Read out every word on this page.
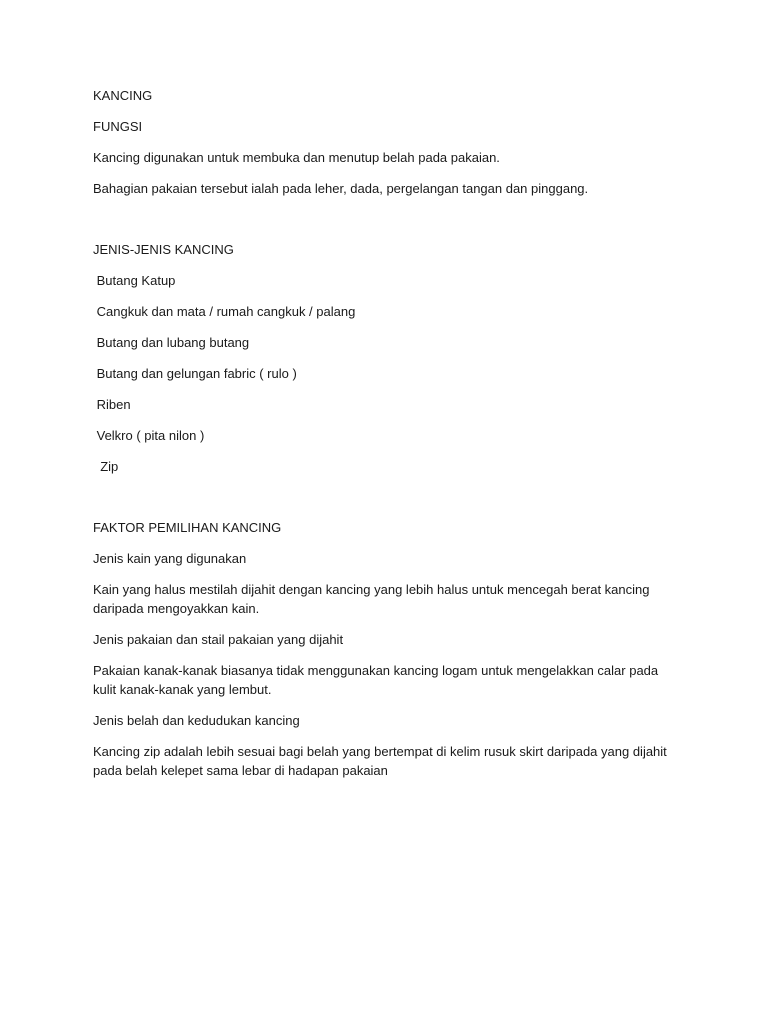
KANCING
FUNGSI
Kancing digunakan untuk membuka dan menutup belah pada pakaian.
Bahagian pakaian tersebut ialah pada leher, dada, pergelangan tangan dan pinggang.
JENIS-JENIS KANCING
Butang Katup
Cangkuk dan mata / rumah cangkuk / palang
Butang dan lubang butang
Butang dan gelungan fabric ( rulo )
Riben
Velkro ( pita nilon )
Zip
FAKTOR PEMILIHAN KANCING
Jenis kain yang digunakan
Kain yang halus mestilah dijahit dengan kancing yang lebih halus untuk mencegah berat kancing
daripada mengoyakkan kain.
Jenis pakaian dan stail pakaian yang dijahit
Pakaian kanak-kanak biasanya tidak menggunakan kancing logam untuk mengelakkan calar pada
kulit kanak-kanak yang lembut.
Jenis belah dan kedudukan kancing
Kancing zip adalah lebih sesuai bagi belah yang bertempat di kelim rusuk skirt daripada yang dijahit
pada belah kelepet sama lebar di hadapan pakaian
